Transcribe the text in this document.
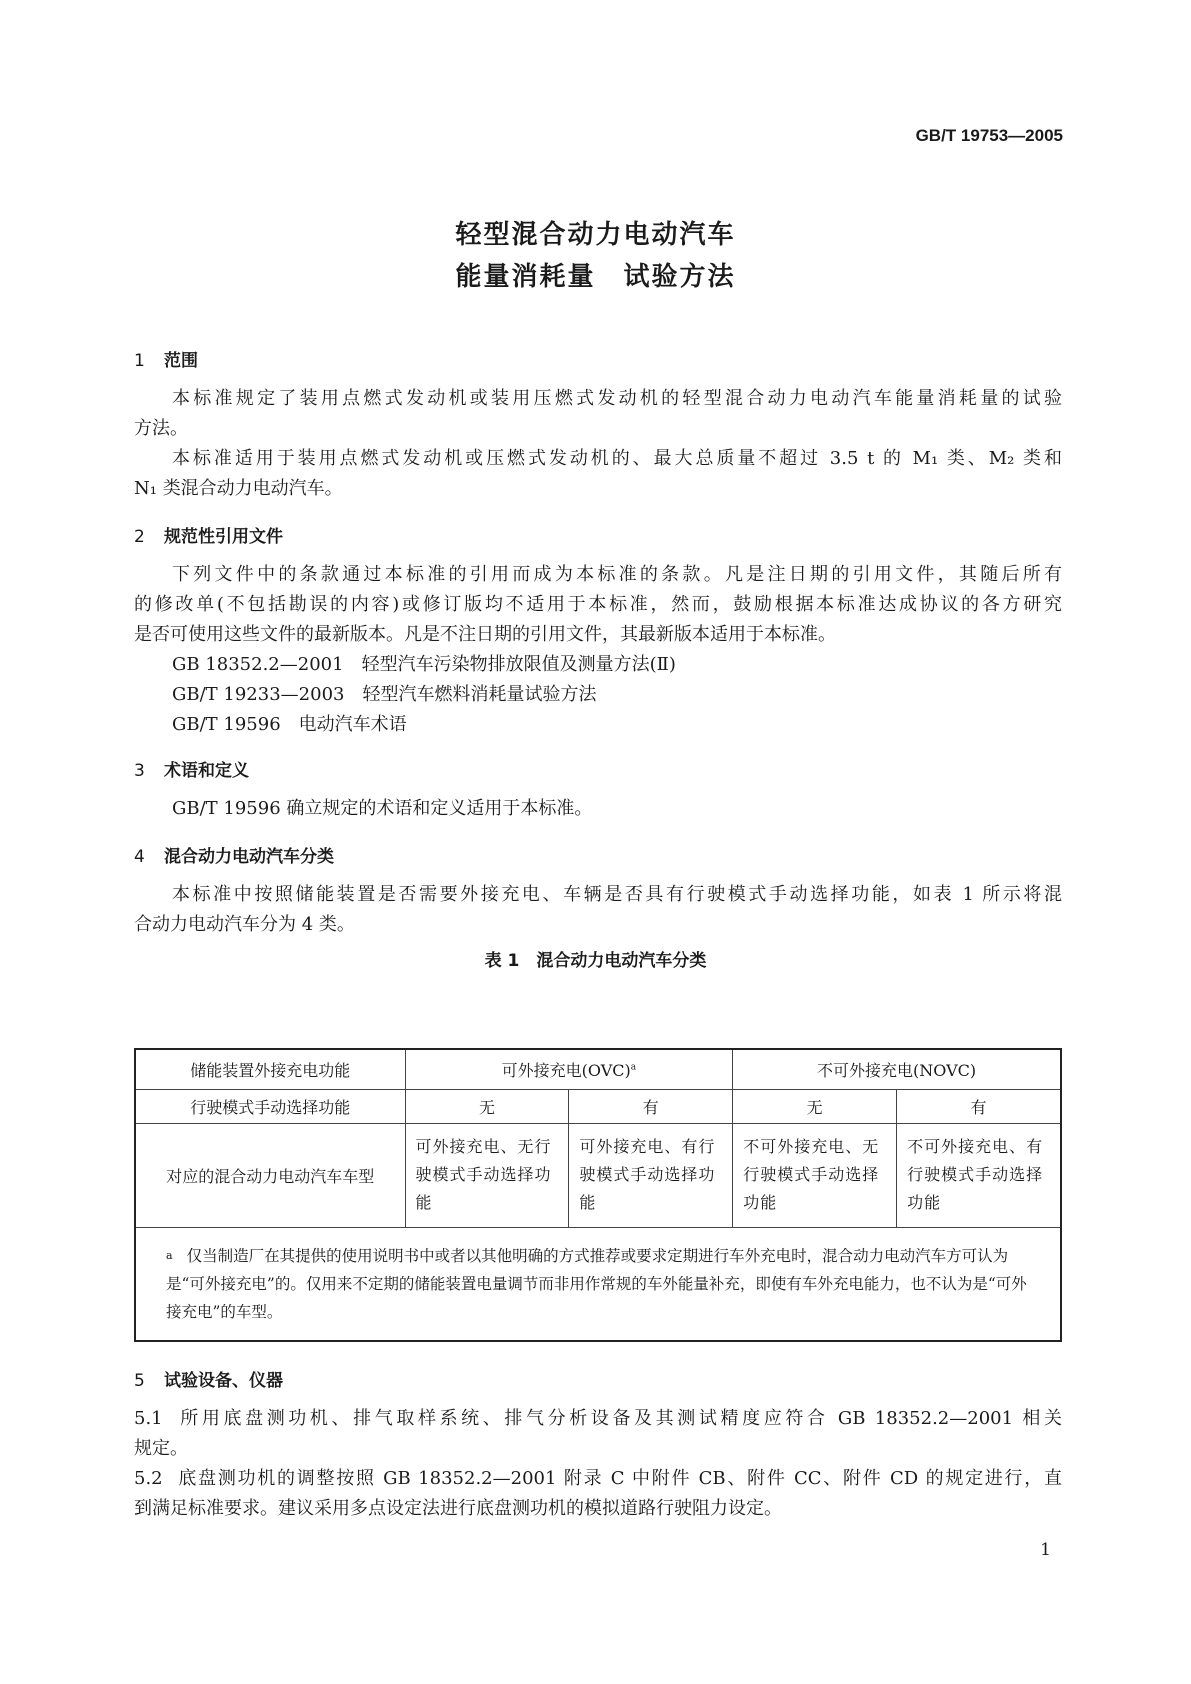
GB/T 19753—2005
轻型混合动力电动汽车
能量消耗量　试验方法
1 范围
本标准规定了装用点燃式发动机或装用压燃式发动机的轻型混合动力电动汽车能量消耗量的试验
方法。
本标准适用于装用点燃式发动机或压燃式发动机的、最大总质量不超过 3.5 t 的 M₁ 类、M₂ 类和
N₁ 类混合动力电动汽车。
2 规范性引用文件
下列文件中的条款通过本标准的引用而成为本标准的条款。凡是注日期的引用文件，其随后所有
的修改单(不包括勘误的内容)或修订版均不适用于本标准，然而，鼓励根据本标准达成协议的各方研究
是否可使用这些文件的最新版本。凡是不注日期的引用文件，其最新版本适用于本标准。
GB 18352.2—2001　轻型汽车污染物排放限值及测量方法(Ⅱ)
GB/T 19233—2003　轻型汽车燃料消耗量试验方法
GB/T 19596　电动汽车术语
3 术语和定义
GB/T 19596 确立规定的术语和定义适用于本标准。
4 混合动力电动汽车分类
本标准中按照储能装置是否需要外接充电、车辆是否具有行驶模式手动选择功能，如表 1 所示将混
合动力电动汽车分为 4 类。
表 1　混合动力电动汽车分类
储能装置外接充电功能	可外接充电(OVC)$^a$		不可外接充电(NOVC)	
行驶模式手动选择功能	无	有	无	有
对应的混合动力电动汽车车型	可外接充电、无行驶模式手动选择功能	可外接充电、有行驶模式手动选择功能	不可外接充电、无行驶模式手动选择功能	不可外接充电、有行驶模式手动选择功能
$^a$ 仅当制造厂在其提供的使用说明书中或者以其他明确的方式推荐或要求定期进行车外充电时，混合动力电动汽车方可认为是“可外接充电”的。仅用来不定期的储能装置电量调节而非用作常规的车外能量补充，即使有车外充电能力，也不认为是“可外接充电”的车型。				
5 试验设备、仪器
5.1 所用底盘测功机、排气取样系统、排气分析设备及其测试精度应符合 GB 18352.2—2001 相关
规定。
5.2 底盘测功机的调整按照 GB 18352.2—2001 附录 C 中附件 CB、附件 CC、附件 CD 的规定进行，直
到满足标准要求。建议采用多点设定法进行底盘测功机的模拟道路行驶阻力设定。
1
